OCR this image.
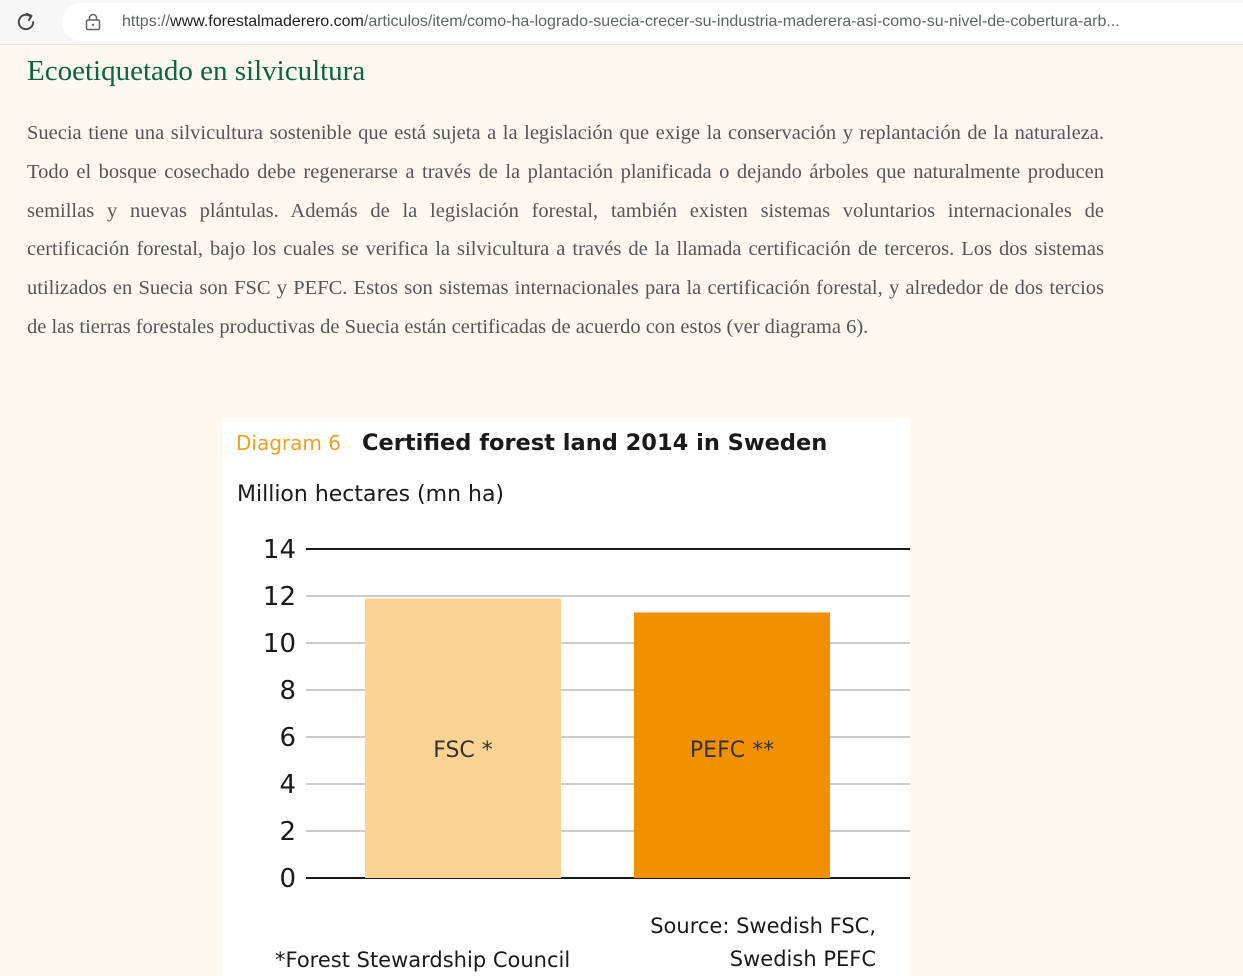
https://www.forestalmaderero.com/articulos/item/como-ha-logrado-suecia-crecer-su-industria-maderera-asi-como-su-nivel-de-cobertura-arb...
Ecoetiquetado en silvicultura

Suecia tiene una silvicultura sostenible que está sujeta a la legislación que exige la conservación y replantación de la naturaleza. Todo el bosque cosechado debe regenerarse a través de la plantación planificada o dejando árboles que naturalmente producen semillas y nuevas plántulas. Además de la legislación forestal, también existen sistemas voluntarios internacionales de certificación forestal, bajo los cuales se verifica la silvicultura a través de la llamada certificación de terceros. Los dos sistemas utilizados en Suecia son FSC y PEFC. Estos son sistemas internacionales para la certificación forestal, y alrededor de dos tercios de las tierras forestales productivas de Suecia están certificadas de acuerdo con estos (ver diagrama 6).

Diagram 6 Certified forest land 2014 in Sweden
Million hectares (mn ha)
0
2
4
6
8
10
12
14
FSC *	PEFC **
*Forest Stewardship Council
Source: Swedish FSC,
Swedish PEFC
